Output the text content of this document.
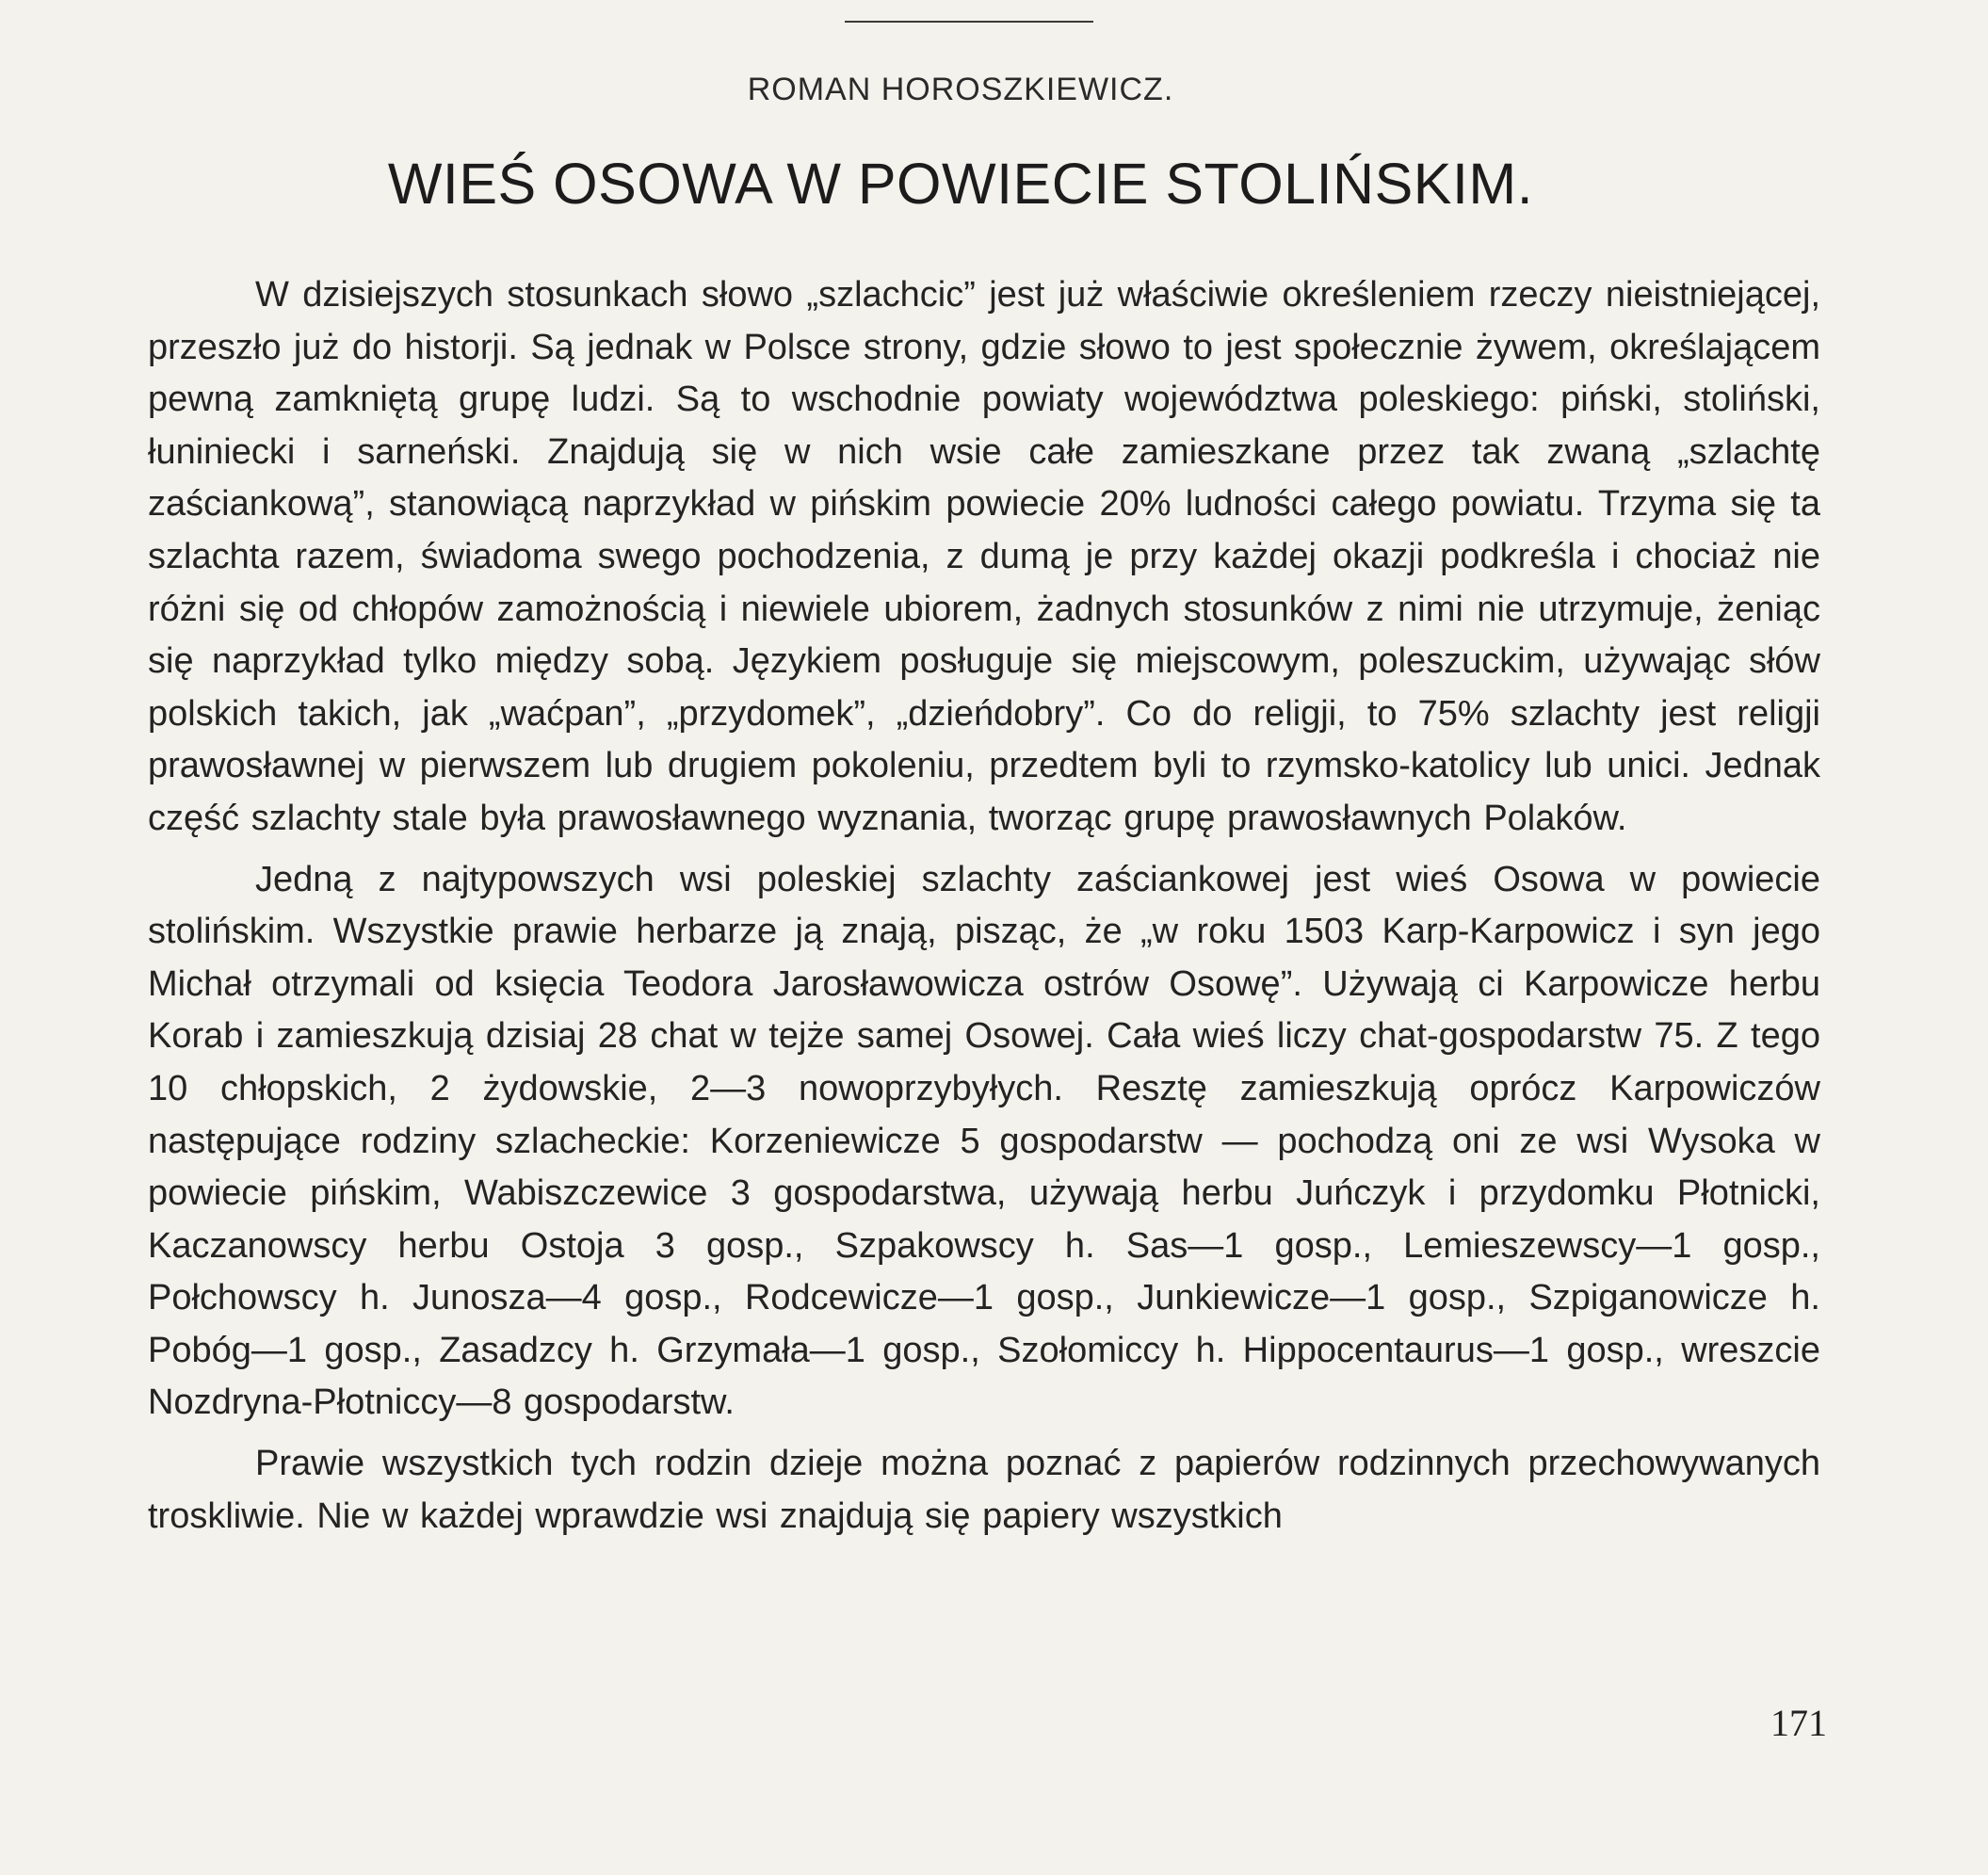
ROMAN HOROSZKIEWICZ.
WIEŚ OSOWA W POWIECIE STOLIŃSKIM.

W dzisiejszych stosunkach słowo „szlachcic” jest już właściwie określeniem rzeczy nieistniejącej, przeszło już do historji. Są jednak w Polsce strony, gdzie słowo to jest społecznie żywem, określającem pewną zamkniętą grupę ludzi. Są to wschodnie powiaty województwa poleskiego: piński, stoliński, łuniniecki i sarneński. Znajdują się w nich wsie całe zamieszkane przez tak zwaną „szlachtę zaściankową”, stanowiącą naprzykład w pińskim powiecie 20% ludności całego powiatu. Trzyma się ta szlachta razem, świadoma swego pochodzenia, z dumą je przy każdej okazji podkreśla i chociaż nie różni się od chłopów zamożnością i niewiele ubiorem, żadnych stosunków z nimi nie utrzymuje, żeniąc się naprzykład tylko między sobą. Językiem posługuje się miejscowym, poleszuckim, używając słów polskich takich, jak „waćpan”, „przydomek”, „dzieńdobry”. Co do religji, to 75% szlachty jest religji prawosławnej w pierwszem lub drugiem pokoleniu, przedtem byli to rzymsko-katolicy lub unici. Jednak część szlachty stale była prawosławnego wyznania, tworząc grupę prawosławnych Polaków.

Jedną z najtypowszych wsi poleskiej szlachty zaściankowej jest wieś Osowa w powiecie stolińskim. Wszystkie prawie herbarze ją znają, pisząc, że „w roku 1503 Karp-Karpowicz i syn jego Michał otrzymali od księcia Teodora Jarosławowicza ostrów Osowę”. Używają ci Karpowicze herbu Korab i zamieszkują dzisiaj 28 chat w tejże samej Osowej. Cała wieś liczy chat-gospodarstw 75. Z tego 10 chłopskich, 2 żydowskie, 2—3 nowoprzybyłych. Resztę zamieszkują oprócz Karpowiczów następujące rodziny szlacheckie: Korzeniewicze 5 gospodarstw — pochodzą oni ze wsi Wysoka w powiecie pińskim, Wabiszczewice 3 gospodarstwa, używają herbu Juńczyk i przydomku Płotnicki, Kaczanowscy herbu Ostoja 3 gosp., Szpakowscy h. Sas—1 gosp., Lemieszewscy—1 gosp., Połchowscy h. Junosza—4 gosp., Rodcewicze—1 gosp., Junkiewicze—1 gosp., Szpiganowicze h. Pobóg—1 gosp., Zasadzcy h. Grzymała—1 gosp., Szołomiccy h. Hippocentaurus—1 gosp., wreszcie Nozdryna-Płotniccy—8 gospodarstw.

Prawie wszystkich tych rodzin dzieje można poznać z papierów rodzinnych przechowywanych troskliwie. Nie w każdej wprawdzie wsi znajdują się papiery wszystkich

171
